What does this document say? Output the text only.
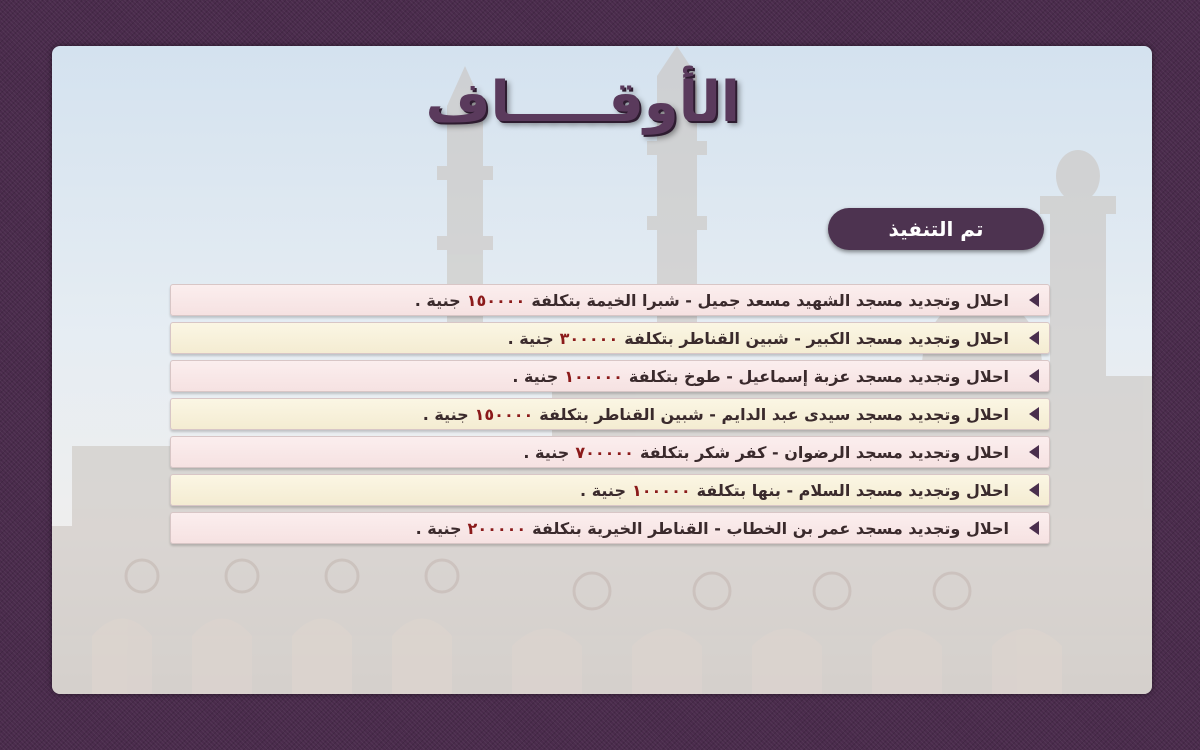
الأوقـــــاف
تم التنفيذ
احلال وتجديد مسجد الشهيد مسعد جميل - شبرا الخيمة بتكلفة
١٥٠٠٠٠
جنية .
احلال وتجديد مسجد الكبير - شبين القناطر بتكلفة
٣٠٠٠٠٠
جنية .
احلال وتجديد مسجد عزبة إسماعيل - طوخ بتكلفة
١٠٠٠٠٠
جنية .
احلال وتجديد مسجد سيدى عبد الدايم - شبين القناطر بتكلفة
١٥٠٠٠٠
جنية .
احلال وتجديد مسجد الرضوان - كفر شكر بتكلفة
٧٠٠٠٠٠
جنية .
احلال وتجديد مسجد السلام - بنها بتكلفة
١٠٠٠٠٠
جنية .
احلال وتجديد مسجد عمر بن الخطاب - القناطر الخيرية بتكلفة
٢٠٠٠٠٠
جنية .
